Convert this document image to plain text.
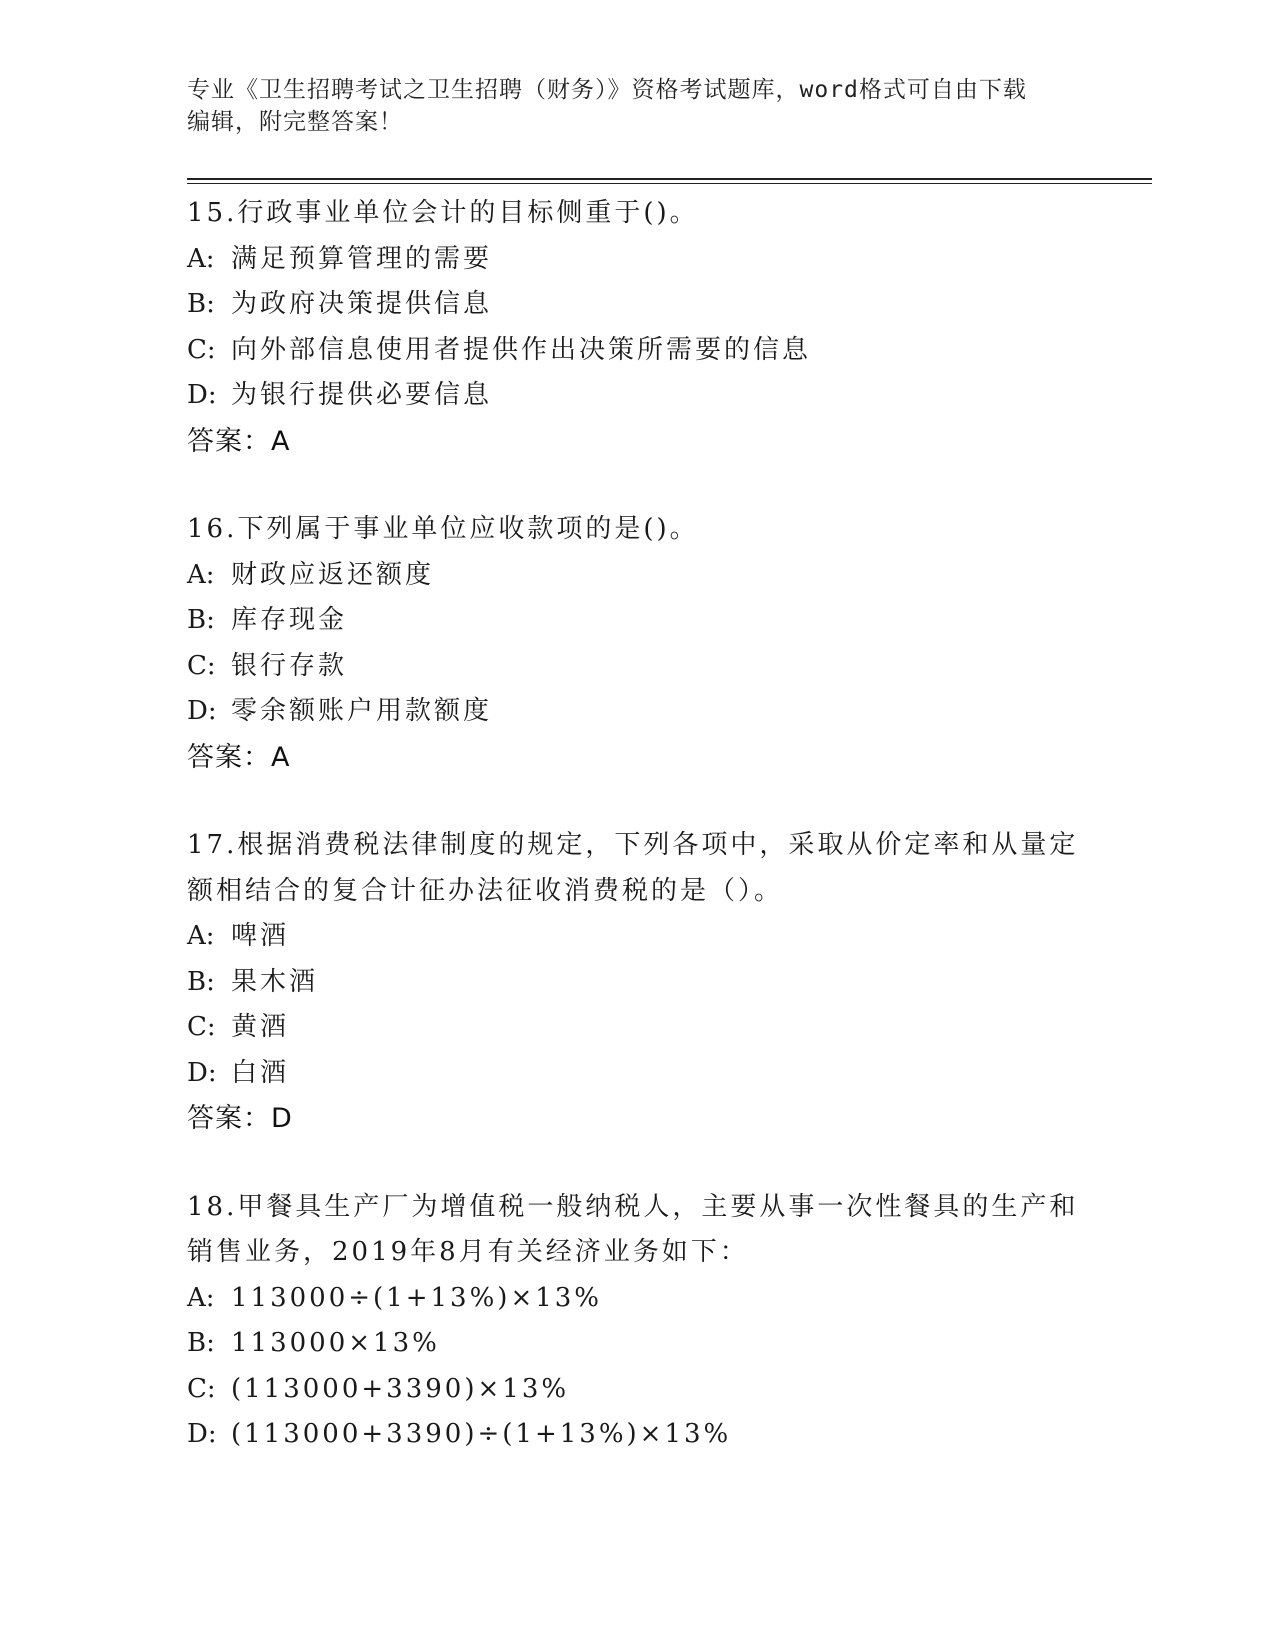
专业《卫生招聘考试之卫生招聘（财务）》资格考试题库，word格式可自由下载
编辑，附完整答案！
15.行政事业单位会计的目标侧重于()。
A: 满足预算管理的需要
B: 为政府决策提供信息
C: 向外部信息使用者提供作出决策所需要的信息
D: 为银行提供必要信息
答案：A
16.下列属于事业单位应收款项的是()。
A: 财政应返还额度
B: 库存现金
C: 银行存款
D: 零余额账户用款额度
答案：A
17.根据消费税法律制度的规定，下列各项中，采取从价定率和从量定
额相结合的复合计征办法征收消费税的是（）。
A: 啤酒
B: 果木酒
C: 黄酒
D: 白酒
答案：D
18.甲餐具生产厂为增值税一般纳税人，主要从事一次性餐具的生产和
销售业务，2019年8月有关经济业务如下：
A: 113000÷(1+13%)×13%
B: 113000×13%
C: (113000+3390)×13%
D: (113000+3390)÷(1+13%)×13%
